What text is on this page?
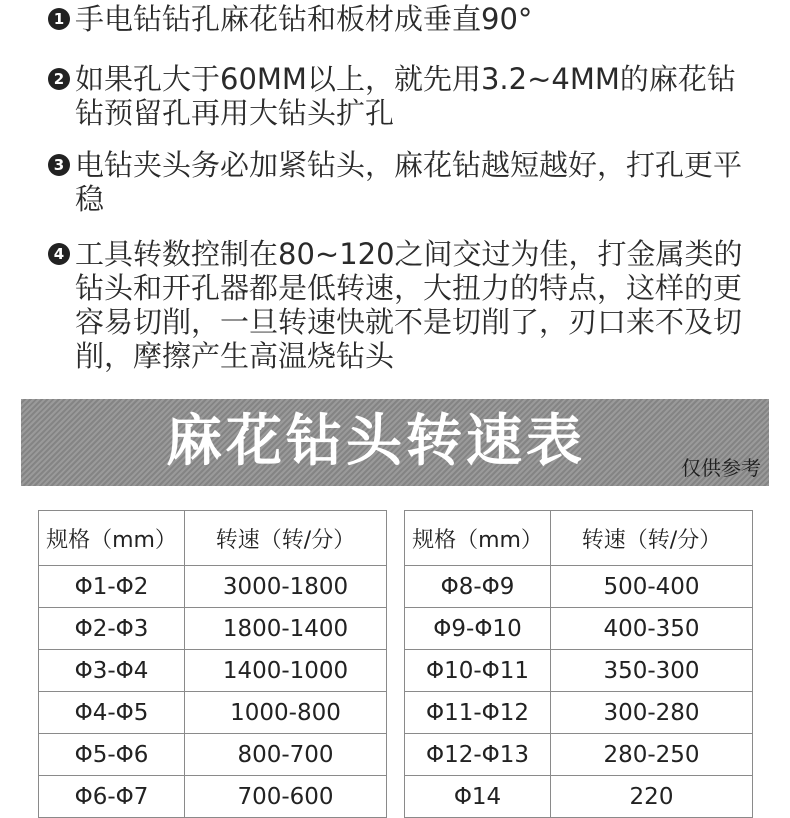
1 手电钻钻孔麻花钻和板材成垂直90°
2 如果孔大于60MM以上，就先用3.2~4MM的麻花钻钻预留孔再用大钻头扩孔
3 电钻夹头务必加紧钻头，麻花钻越短越好，打孔更平稳
4 工具转数控制在80~120之间交过为佳，打金属类的钻头和开孔器都是低转速，大扭力的特点，这样的更容易切削，一旦转速快就不是切削了，刃口来不及切削，摩擦产生高温烧钻头
麻花钻头转速表	仅供参考
规格（mm）	转速（转/分）
Φ1-Φ2	3000-1800
Φ2-Φ3	1800-1400
Φ3-Φ4	1400-1000
Φ4-Φ5	1000-800
Φ5-Φ6	800-700
Φ6-Φ7	700-600
规格（mm）	转速（转/分）
Φ8-Φ9	500-400
Φ9-Φ10	400-350
Φ10-Φ11	350-300
Φ11-Φ12	300-280
Φ12-Φ13	280-250
Φ14	220
